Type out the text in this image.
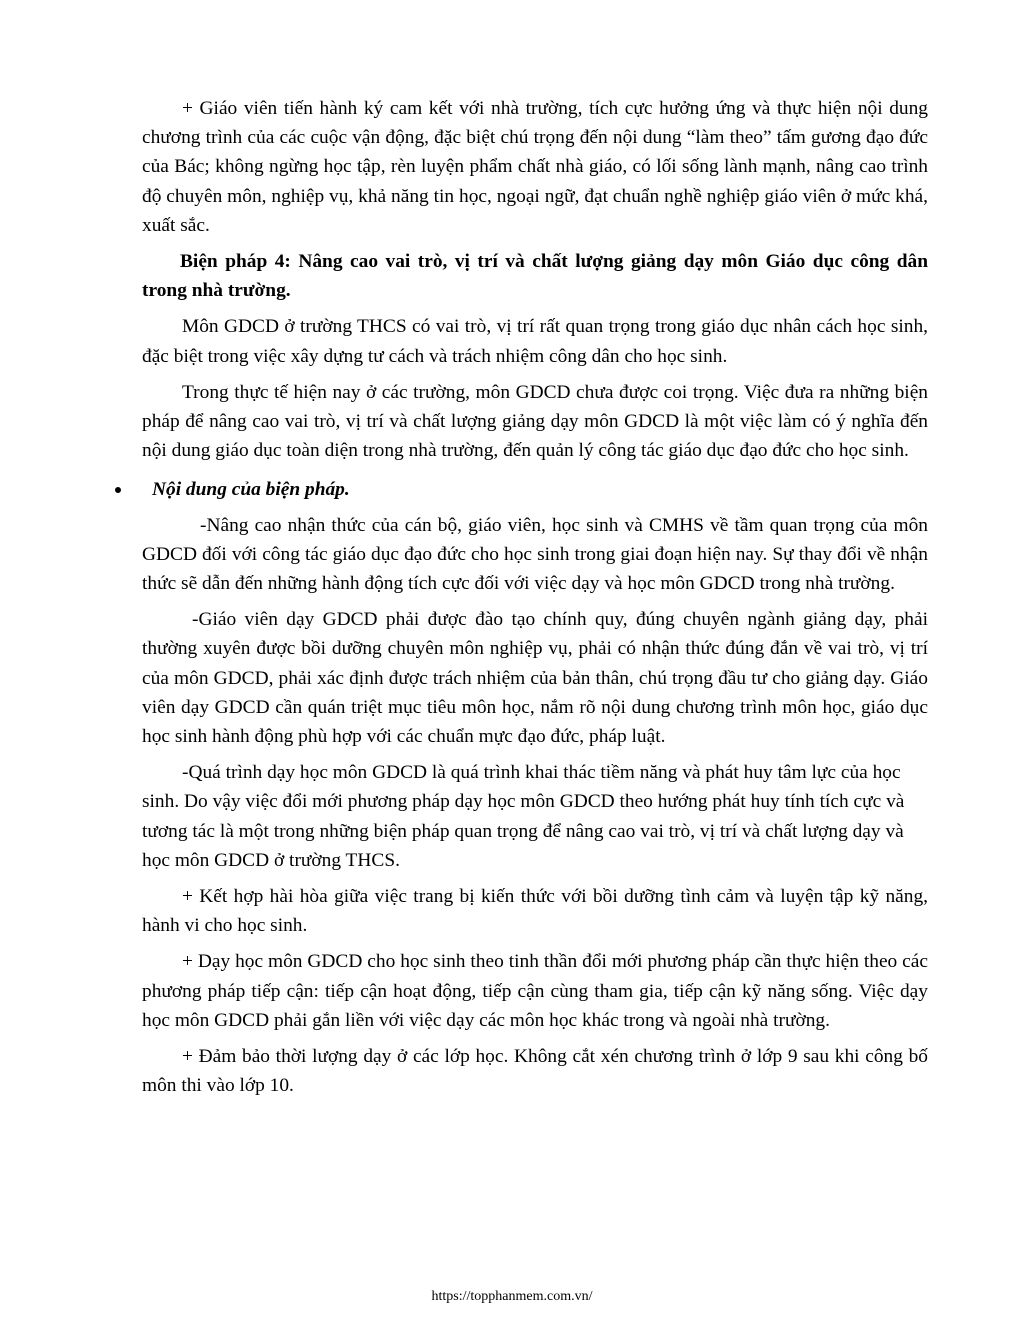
+ Giáo viên tiến hành ký cam kết với nhà trường, tích cực hưởng ứng và thực hiện nội dung chương trình của các cuộc vận động, đặc biệt chú trọng đến nội dung “làm theo” tấm gương đạo đức của Bác; không ngừng học tập, rèn luyện phẩm chất nhà giáo, có lối sống lành mạnh, nâng cao trình độ chuyên môn, nghiệp vụ, khả năng tin học, ngoại ngữ, đạt chuẩn nghề nghiệp giáo viên ở mức khá, xuất sắc.

Biện pháp 4: Nâng cao vai trò, vị trí và chất lượng giảng dạy môn Giáo dục công dân trong nhà trường.

Môn GDCD ở trường THCS có vai trò, vị trí rất quan trọng trong giáo dục nhân cách học sinh, đặc biệt trong việc xây dựng tư cách và trách nhiệm công dân cho học sinh.

Trong thực tế hiện nay ở các trường, môn GDCD chưa được coi trọng. Việc đưa ra những biện pháp để nâng cao vai trò, vị trí và chất lượng giảng dạy môn GDCD là một việc làm có ý nghĩa đến nội dung giáo dục toàn diện trong nhà trường, đến quản lý công tác giáo dục đạo đức cho học sinh.

Nội dung của biện pháp.

-Nâng cao nhận thức của cán bộ, giáo viên, học sinh và CMHS về tầm quan trọng của môn GDCD đối với công tác giáo dục đạo đức cho học sinh trong giai đoạn hiện nay. Sự thay đổi về nhận thức sẽ dẫn đến những hành động tích cực đối với việc dạy và học môn GDCD trong nhà trường.

-Giáo viên dạy GDCD phải được đào tạo chính quy, đúng chuyên ngành giảng dạy, phải thường xuyên được bồi dưỡng chuyên môn nghiệp vụ, phải có nhận thức đúng đắn về vai trò, vị trí của môn GDCD, phải xác định được trách nhiệm của bản thân, chú trọng đầu tư cho giảng dạy. Giáo viên dạy GDCD cần quán triệt mục tiêu môn học, nắm rõ nội dung chương trình môn học, giáo dục học sinh hành động phù hợp với các chuẩn mực đạo đức, pháp luật.

-Quá trình dạy học môn GDCD là quá trình khai thác tiềm năng và phát huy tâm lực của học sinh. Do vậy việc đổi mới phương pháp dạy học môn GDCD theo hướng phát huy tính tích cực và tương tác là một trong những biện pháp quan trọng để nâng cao vai trò, vị trí và chất lượng dạy và học môn GDCD ở trường THCS.

+ Kết hợp hài hòa giữa việc trang bị kiến thức với bồi dưỡng tình cảm và luyện tập kỹ năng, hành vi cho học sinh.

+ Dạy học môn GDCD cho học sinh theo tinh thần đổi mới phương pháp cần thực hiện theo các phương pháp tiếp cận: tiếp cận hoạt động, tiếp cận cùng tham gia, tiếp cận kỹ năng sống. Việc dạy học môn GDCD phải gắn liền với việc dạy các môn học khác trong và ngoài nhà trường.

+ Đảm bảo thời lượng dạy ở các lớp học. Không cắt xén chương trình ở lớp 9 sau khi công bố môn thi vào lớp 10.

https://topphanmem.com.vn/
